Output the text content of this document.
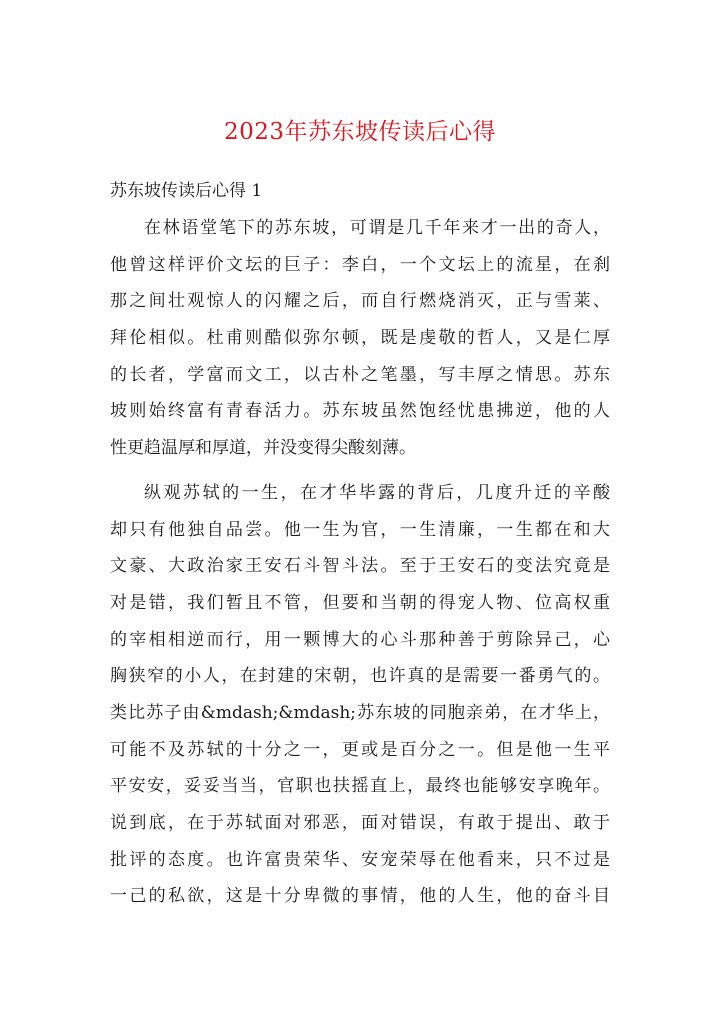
2023年苏东坡传读后心得
苏东坡传读后心得 1
在林语堂笔下的苏东坡，可谓是几千年来才一出的奇人，
他曾这样评价文坛的巨子：李白，一个文坛上的流星，在刹
那之间壮观惊人的闪耀之后，而自行燃烧消灭，正与雪莱、
拜伦相似。杜甫则酷似弥尔顿，既是虔敬的哲人，又是仁厚
的长者，学富而文工，以古朴之笔墨，写丰厚之情思。苏东
坡则始终富有青春活力。苏东坡虽然饱经忧患拂逆，他的人
性更趋温厚和厚道，并没变得尖酸刻薄。
纵观苏轼的一生，在才华毕露的背后，几度升迁的辛酸
却只有他独自品尝。他一生为官，一生清廉，一生都在和大
文豪、大政治家王安石斗智斗法。至于王安石的变法究竟是
对是错，我们暂且不管，但要和当朝的得宠人物、位高权重
的宰相相逆而行，用一颗博大的心斗那种善于剪除异己，心
胸狭窄的小人，在封建的宋朝，也许真的是需要一番勇气的。
类比苏子由&mdash;&mdash;苏东坡的同胞亲弟，在才华上，
可能不及苏轼的十分之一，更或是百分之一。但是他一生平
平安安，妥妥当当，官职也扶摇直上，最终也能够安享晚年。
说到底，在于苏轼面对邪恶，面对错误，有敢于提出、敢于
批评的态度。也许富贵荣华、安宠荣辱在他看来，只不过是
一己的私欲，这是十分卑微的事情，他的人生，他的奋斗目
